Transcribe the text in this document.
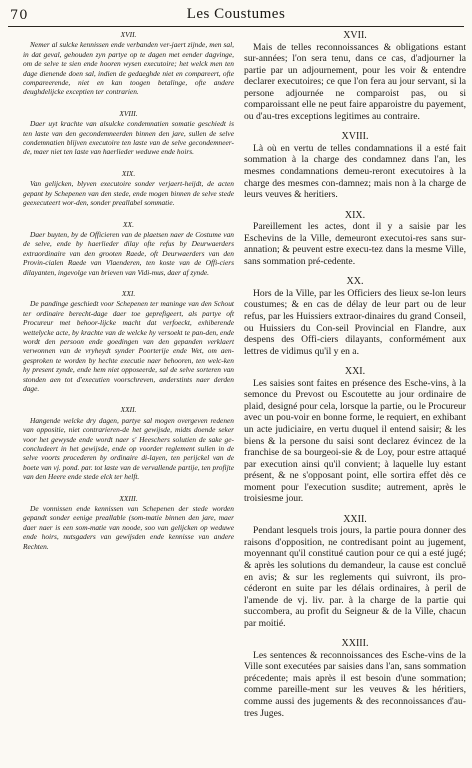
70	Les Coustumes
XVII.
Nemer al sulcke kennissen ende verbanden ver-jaert zijnde, men sal, in dat geval, gehouden zyn partye op te dagen met eender dagvinge, om de selve te sien ende hooren wysen executoire; het welck men ten dage dienende doen sal, indien de gedaeghde niet en compareert, ofte compareerende, niet en kan toogen betalinge, ofte andere deughdelijcke exceptien ter contrarien.
XVIII.
Daer uyt krachte van alsulcke condemnatien somatie geschiedt is ten laste van den gecondemneerden binnen den jare, sullen de selve condemnatien blijven executoire ten laste van de selve gecondemneer-de, maer niet ten laste van haerlieder weduwe ende hoirs.
XIX.
Van gelijcken, blyven executoire sonder verjaert-heijdt, de acten gepant by Schepenen van den stede, ende mogen binnen de selve stede geexecuteert wor-den, sonder preallabel sommatie.
XX.
Daer buyten, by de Officieren van de plaetsen naer de Costume van de selve, ende by haerlieder dilay ofte refus by Deurwaerders extraordinaire van den grooten Raede, oft Deurwaerders van den Provin-cialen Raede van Vlaenderen, ten koste van de Offi-ciers dilayanten, ingevolge van brieven van Vidi-mus, daer af zynde.
XXI.
De pandinge geschiedt voor Schepenen ter maninge van den Schout ter ordinaire berecht-dage daer toe geprefigeert, als partye oft Procureur met behoor-lijcke macht dat verfoeckt, exhiberende wettelycke acte, by krachte van de welcke hy versoekt te pan-den, ende wordt den persoon ende goedingen van den gepanden verklaert verwonnen van de vryheydt synder Poorterije ende Wet, om aen-gesproken te worden by hechte executie naer behooren, ten welc-ken hy present zynde, ende hem niet opposeerde, sal de selve sorteren van stonden aen tot d'executien voorschreven, anderstints naer derden dage.
XXII.
Hangende welcke dry dagen, partye sal mogen overgeven redenen van oppositie, niet contrarieren-de het gewijsde, midts doende seker voor het gewysde ende wordt naer s' Heeschers solutien de sake ge-concludeert in het gewijsde, ende op voorder reglement sullen in de selve voorts procederen by ordinaire di-layen, ten perijckel van de boete van vj. pond. par. tot laste van de vervallende partije, ten profijte van den Heere ende stede elck ter helft.
XXIII.
De vonnissen ende kennissen van Schepenen der stede worden gepandt sonder eenige preallable (som-matie binnen den jare, maer daer naer is een som-matie van noode, soo van gelijcken op weduwe ende hoirs, nutsgaders van gewijsden ende kennisse van andere Rechten.
XVII.
Mais de telles reconnoissances & obligations estant sur-années; l'on sera tenu, dans ce cas, d'adjourner la partie par un adjournement, pour les voir & entendre declarer executoires; ce que l'on fera au jour servant, si la persone adjournée ne comparoist pas, ou si comparoissant elle ne peut faire apparoistre du payement, ou d'au-tres exceptions legitimes au contraire.
XVIII.
Là où en vertu de telles condamnations il a esté fait sommation à la charge des condamnez dans l'an, les mesmes condamnations demeu-reront executoires à la charge des mesmes con-damnez; mais non à la charge de leurs veuves & heritiers.
XIX.
Pareillement les actes, dont il y a saisie par les Eschevins de la Ville, demeuront executoi-res sans sur-annation; & peuvent estre execu-tez dans la mesme Ville, sans sommation pré-cedente.
XX.
Hors de la Ville, par les Officiers des lieux se-lon leurs coustumes; & en cas de délay de leur part ou de leur refus, par les Huissiers extraor-dinaires du grand Conseil, ou Huissiers du Con-seil Provincial en Flandre, aux despens des Offi-ciers dilayants, conformément aux lettres de vidimus qu'il y en a.
XXI.
Les saisies sont faites en présence des Esche-vins, à la semonce du Prevost ou Escoutette au jour ordinaire de plaid, designé pour cela, lorsque la partie, ou le Procureur avec un pou-voir en bonne forme, le requiert, en exhibant un acte judiciaire, en vertu duquel il entend saisir; & les biens & la persone du saisi sont declarez évincez de la franchise de sa bourgeoi-sie & de Loy, pour estre attaqué par execution ainsi qu'il convient; à laquelle luy estant présent, & ne s'opposant point, elle sortira effet dès ce moment pour l'execution susdite; autrement, après le troisiesme jour.
XXII.
Pendant lesquels trois jours, la partie poura donner des raisons d'opposition, ne contredisant point au jugement, moyennant qu'il constitué caution pour ce qui a esté jugé; & après les solutions du demandeur, la cause est concluë en avis; & sur les reglements qui suivront, ils pro-céderont en suite par les délais ordinaires, à peril de l'amende de vj. liv. par. à la charge de la partie qui succombera, au profit du Seigneur & de la Ville, chacun par moitié.
XXIII.
Les sentences & reconnoissances des Esche-vins de la Ville sont executées par saisies dans l'an, sans sommation précedente; mais après il est besoin d'une sommation; comme pareille-ment sur les veuves & les héritiers, comme aussi des jugements & des reconnoissances d'au-tres Juges.
